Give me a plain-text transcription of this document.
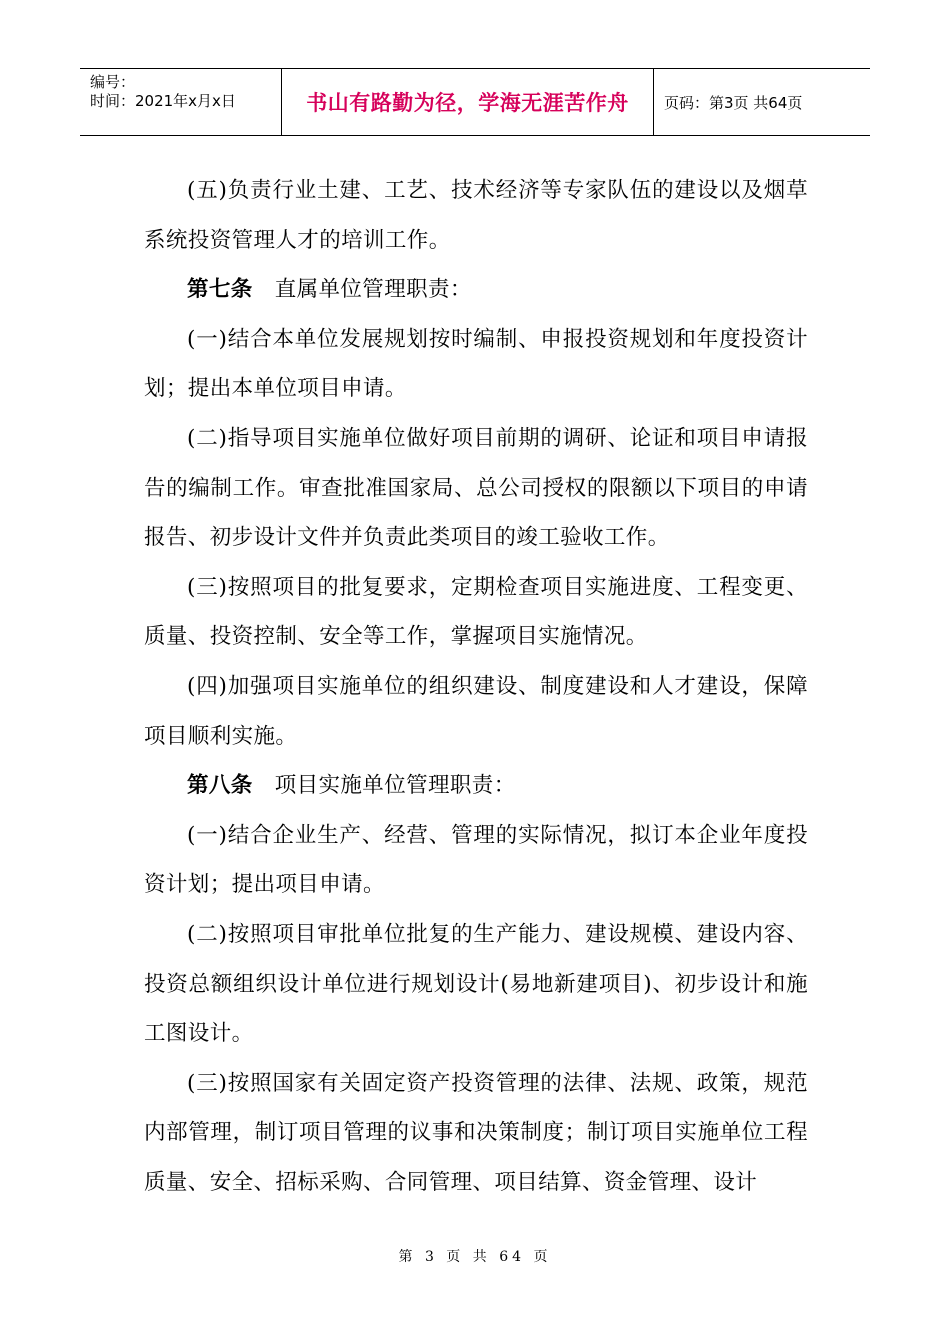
编号：
时间：2021年x月x日	书山有路勤为径，学海无涯苦作舟 页码：第3页 共64页

(五)负责行业土建、工艺、技术经济等专家队伍的建设以及烟草系统投资管理人才的培训工作。

第七条 直属单位管理职责：

(一)结合本单位发展规划按时编制、申报投资规划和年度投资计划；提出本单位项目申请。

(二)指导项目实施单位做好项目前期的调研、论证和项目申请报告的编制工作。审查批准国家局、总公司授权的限额以下项目的申请报告、初步设计文件并负责此类项目的竣工验收工作。

(三)按照项目的批复要求，定期检查项目实施进度、工程变更、质量、投资控制、安全等工作，掌握项目实施情况。

(四)加强项目实施单位的组织建设、制度建设和人才建设，保障项目顺利实施。

第八条 项目实施单位管理职责：

(一)结合企业生产、经营、管理的实际情况，拟订本企业年度投资计划；提出项目申请。

(二)按照项目审批单位批复的生产能力、建设规模、建设内容、投资总额组织设计单位进行规划设计(易地新建项目)、初步设计和施工图设计。

(三)按照国家有关固定资产投资管理的法律、法规、政策，规范内部管理，制订项目管理的议事和决策制度；制订项目实施单位工程质量、安全、招标采购、合同管理、项目结算、资金管理、设计

第 3 页 共 64 页
